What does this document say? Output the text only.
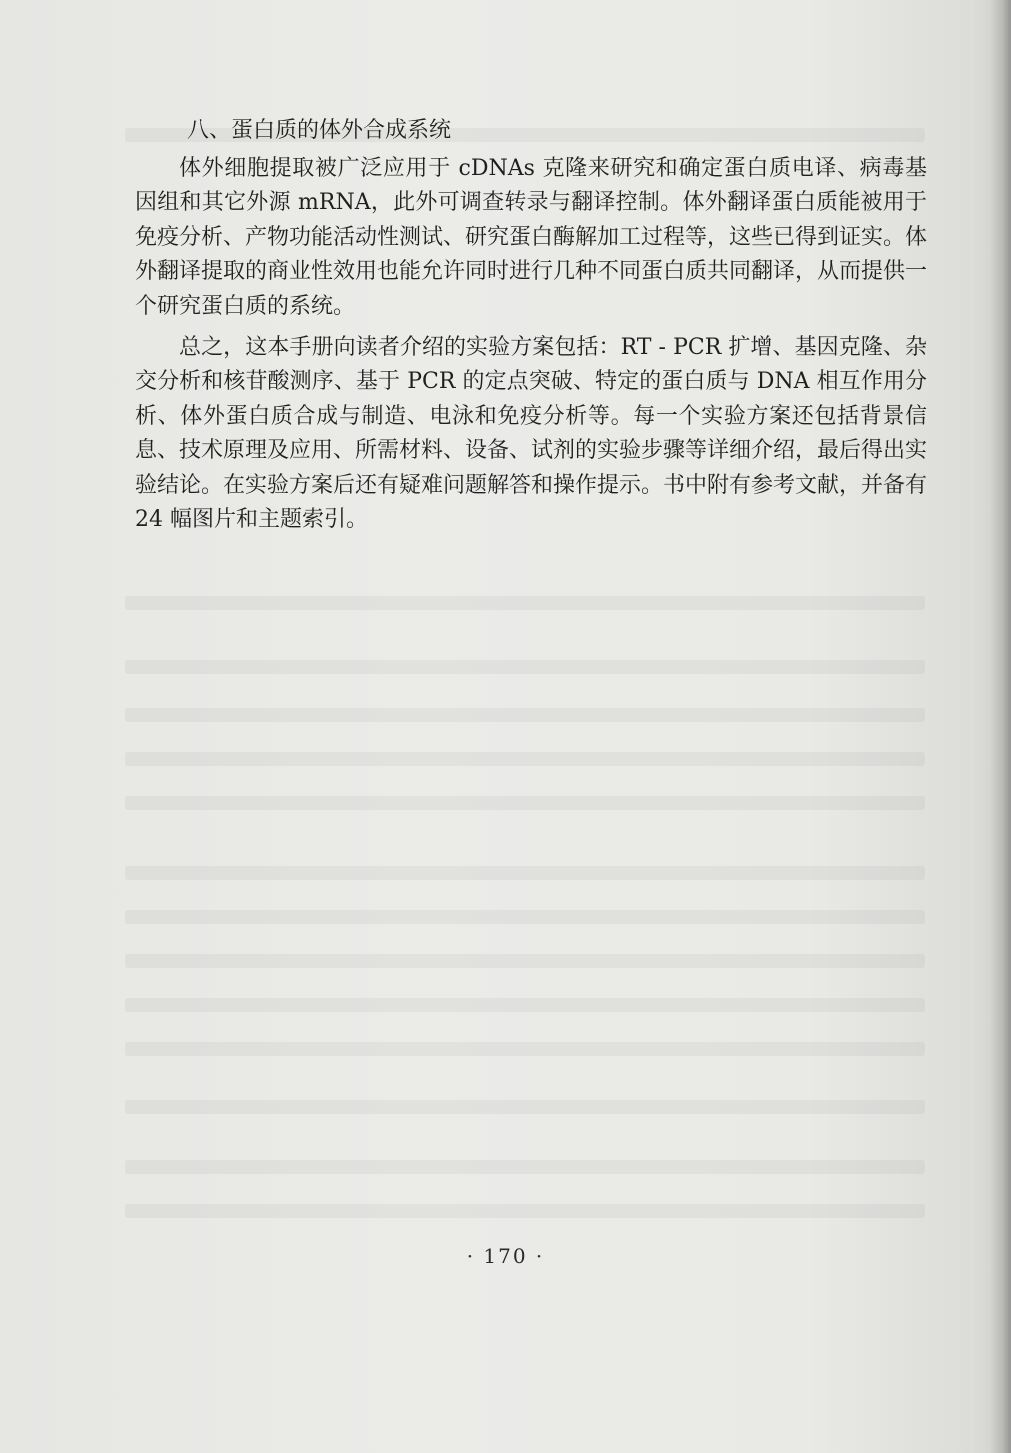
八、蛋白质的体外合成系统

体外细胞提取被广泛应用于 cDNAs 克隆来研究和确定蛋白质电译、病毒基因组和其它外源 mRNA，此外可调查转录与翻译控制。体外翻译蛋白质能被用于免疫分析、产物功能活动性测试、研究蛋白酶解加工过程等，这些已得到证实。体外翻译提取的商业性效用也能允许同时进行几种不同蛋白质共同翻译，从而提供一个研究蛋白质的系统。

总之，这本手册向读者介绍的实验方案包括：RT - PCR 扩增、基因克隆、杂交分析和核苷酸测序、基于 PCR 的定点突破、特定的蛋白质与 DNA 相互作用分析、体外蛋白质合成与制造、电泳和免疫分析等。每一个实验方案还包括背景信息、技术原理及应用、所需材料、设备、试剂的实验步骤等详细介绍，最后得出实验结论。在实验方案后还有疑难问题解答和操作提示。书中附有参考文献，并备有 24 幅图片和主题索引。

· 170 ·
